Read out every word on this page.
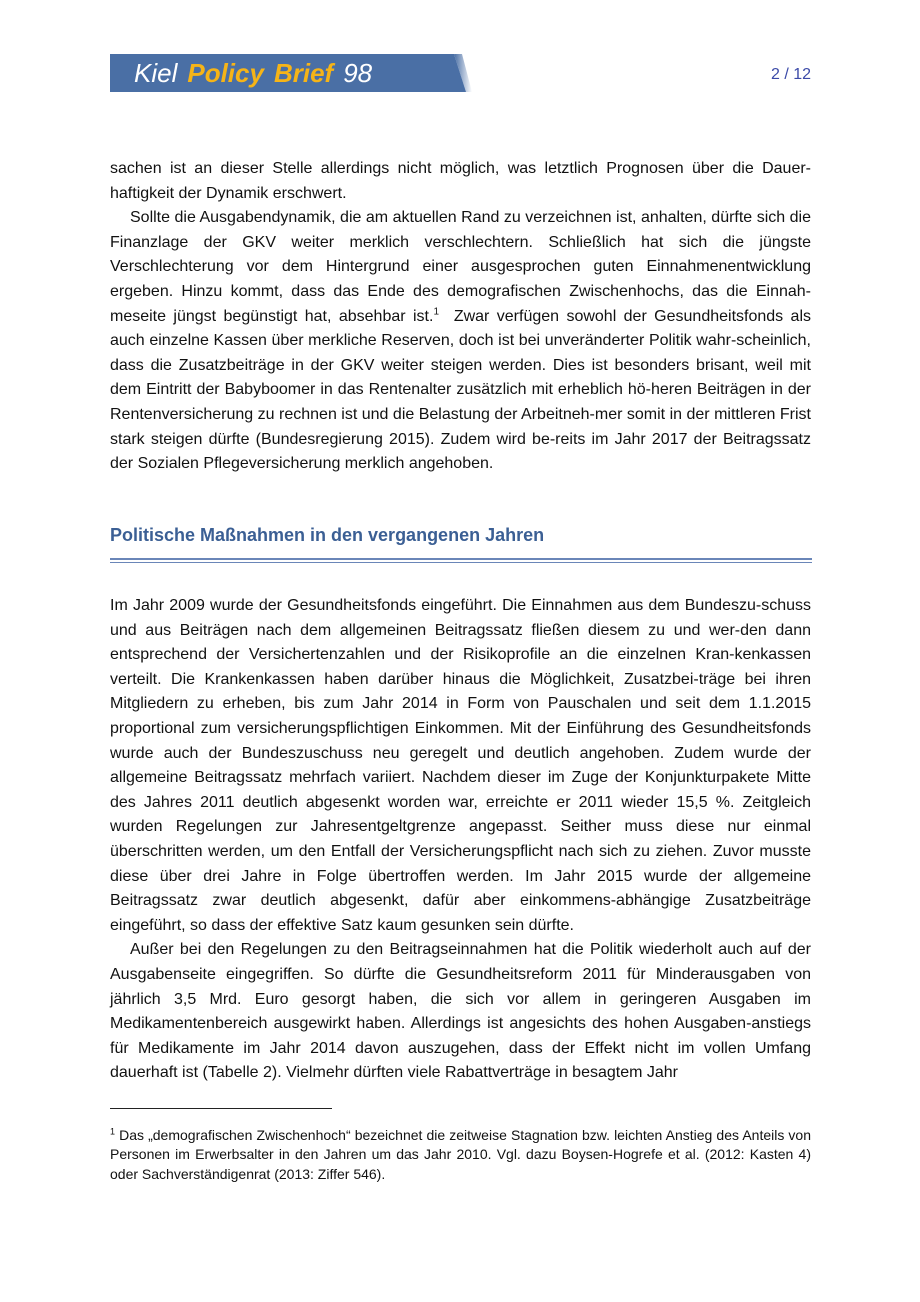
Kiel Policy Brief 98	2 / 12

sachen ist an dieser Stelle allerdings nicht möglich, was letztlich Prognosen über die Dauer-haftigkeit der Dynamik erschwert.

Sollte die Ausgabendynamik, die am aktuellen Rand zu verzeichnen ist, anhalten, dürfte sich die Finanzlage der GKV weiter merklich verschlechtern. Schließlich hat sich die jüngste Verschlechterung vor dem Hintergrund einer ausgesprochen guten Einnahmenentwicklung ergeben. Hinzu kommt, dass das Ende des demografischen Zwischenhochs, das die Einnah-meseite jüngst begünstigt hat, absehbar ist.$^1$ Zwar verfügen sowohl der Gesundheitsfonds als auch einzelne Kassen über merkliche Reserven, doch ist bei unveränderter Politik wahr-scheinlich, dass die Zusatzbeiträge in der GKV weiter steigen werden. Dies ist besonders brisant, weil mit dem Eintritt der Babyboomer in das Rentenalter zusätzlich mit erheblich hö-heren Beiträgen in der Rentenversicherung zu rechnen ist und die Belastung der Arbeitneh-mer somit in der mittleren Frist stark steigen dürfte (Bundesregierung 2015). Zudem wird be-reits im Jahr 2017 der Beitragssatz der Sozialen Pflegeversicherung merklich angehoben.

Politische Maßnahmen in den vergangenen Jahren

Im Jahr 2009 wurde der Gesundheitsfonds eingeführt. Die Einnahmen aus dem Bundeszu-schuss und aus Beiträgen nach dem allgemeinen Beitragssatz fließen diesem zu und wer-den dann entsprechend der Versichertenzahlen und der Risikoprofile an die einzelnen Kran-kenkassen verteilt. Die Krankenkassen haben darüber hinaus die Möglichkeit, Zusatzbei-träge bei ihren Mitgliedern zu erheben, bis zum Jahr 2014 in Form von Pauschalen und seit dem 1.1.2015 proportional zum versicherungspflichtigen Einkommen. Mit der Einführung des Gesundheitsfonds wurde auch der Bundeszuschuss neu geregelt und deutlich angehoben. Zudem wurde der allgemeine Beitragssatz mehrfach variiert. Nachdem dieser im Zuge der Konjunkturpakete Mitte des Jahres 2011 deutlich abgesenkt worden war, erreichte er 2011 wieder 15,5 %. Zeitgleich wurden Regelungen zur Jahresentgeltgrenze angepasst. Seither muss diese nur einmal überschritten werden, um den Entfall der Versicherungspflicht nach sich zu ziehen. Zuvor musste diese über drei Jahre in Folge übertroffen werden. Im Jahr 2015 wurde der allgemeine Beitragssatz zwar deutlich abgesenkt, dafür aber einkommens-abhängige Zusatzbeiträge eingeführt, so dass der effektive Satz kaum gesunken sein dürfte.

Außer bei den Regelungen zu den Beitragseinnahmen hat die Politik wiederholt auch auf der Ausgabenseite eingegriffen. So dürfte die Gesundheitsreform 2011 für Minderausgaben von jährlich 3,5 Mrd. Euro gesorgt haben, die sich vor allem in geringeren Ausgaben im Medikamentenbereich ausgewirkt haben. Allerdings ist angesichts des hohen Ausgaben-anstiegs für Medikamente im Jahr 2014 davon auszugehen, dass der Effekt nicht im vollen Umfang dauerhaft ist (Tabelle 2). Vielmehr dürften viele Rabattverträge in besagtem Jahr

$^1$ Das „demografischen Zwischenhoch“ bezeichnet die zeitweise Stagnation bzw. leichten Anstieg des Anteils von Personen im Erwerbsalter in den Jahren um das Jahr 2010. Vgl. dazu Boysen-Hogrefe et al. (2012: Kasten 4) oder Sachverständigenrat (2013: Ziffer 546).
